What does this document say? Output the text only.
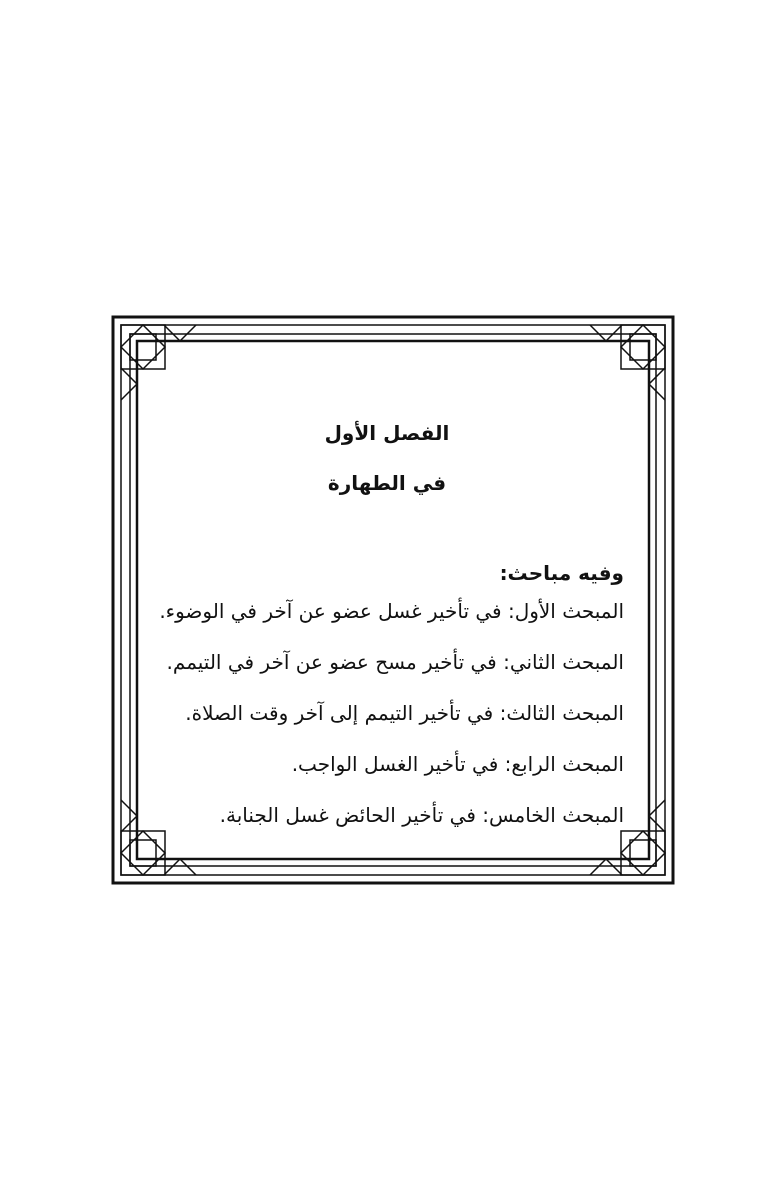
الفصل الأول
في الطهارة
وفيه مباحث:
المبحث الأول: في تأخير غسل عضو عن آخر في الوضوء.
المبحث الثاني: في تأخير مسح عضو عن آخر في التيمم.
المبحث الثالث: في تأخير التيمم إلى آخر وقت الصلاة.
المبحث الرابع: في تأخير الغسل الواجب.
المبحث الخامس: في تأخير الحائض غسل الجنابة.
